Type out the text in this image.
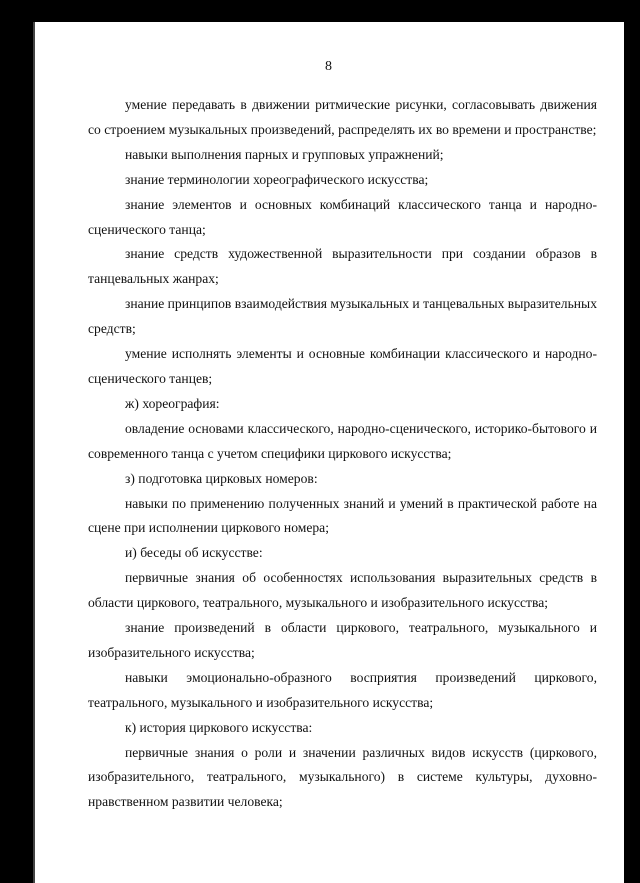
8

умение передавать в движении ритмические рисунки, согласовывать движения со строением музыкальных произведений, распределять их во времени и пространстве;

навыки выполнения парных и групповых упражнений;

знание терминологии хореографического искусства;

знание элементов и основных комбинаций классического танца и народно-сценического танца;

знание средств художественной выразительности при создании образов в танцевальных жанрах;

знание принципов взаимодействия музыкальных и танцевальных выразительных средств;

умение исполнять элементы и основные комбинации классического и народно-сценического танцев;

ж) хореография:

овладение основами классического, народно-сценического, историко-бытового и современного танца с учетом специфики циркового искусства;

з) подготовка цирковых номеров:

навыки по применению полученных знаний и умений в практической работе на сцене при исполнении циркового номера;

и) беседы об искусстве:

первичные знания об особенностях использования выразительных средств в области циркового, театрального, музыкального и изобразительного искусства;

знание произведений в области циркового, театрального, музыкального и изобразительного искусства;

навыки эмоционально-образного восприятия произведений циркового, театрального, музыкального и изобразительного искусства;

к) история циркового искусства:

первичные знания о роли и значении различных видов искусств (циркового, изобразительного, театрального, музыкального) в системе культуры, духовно-нравственном развитии человека;
